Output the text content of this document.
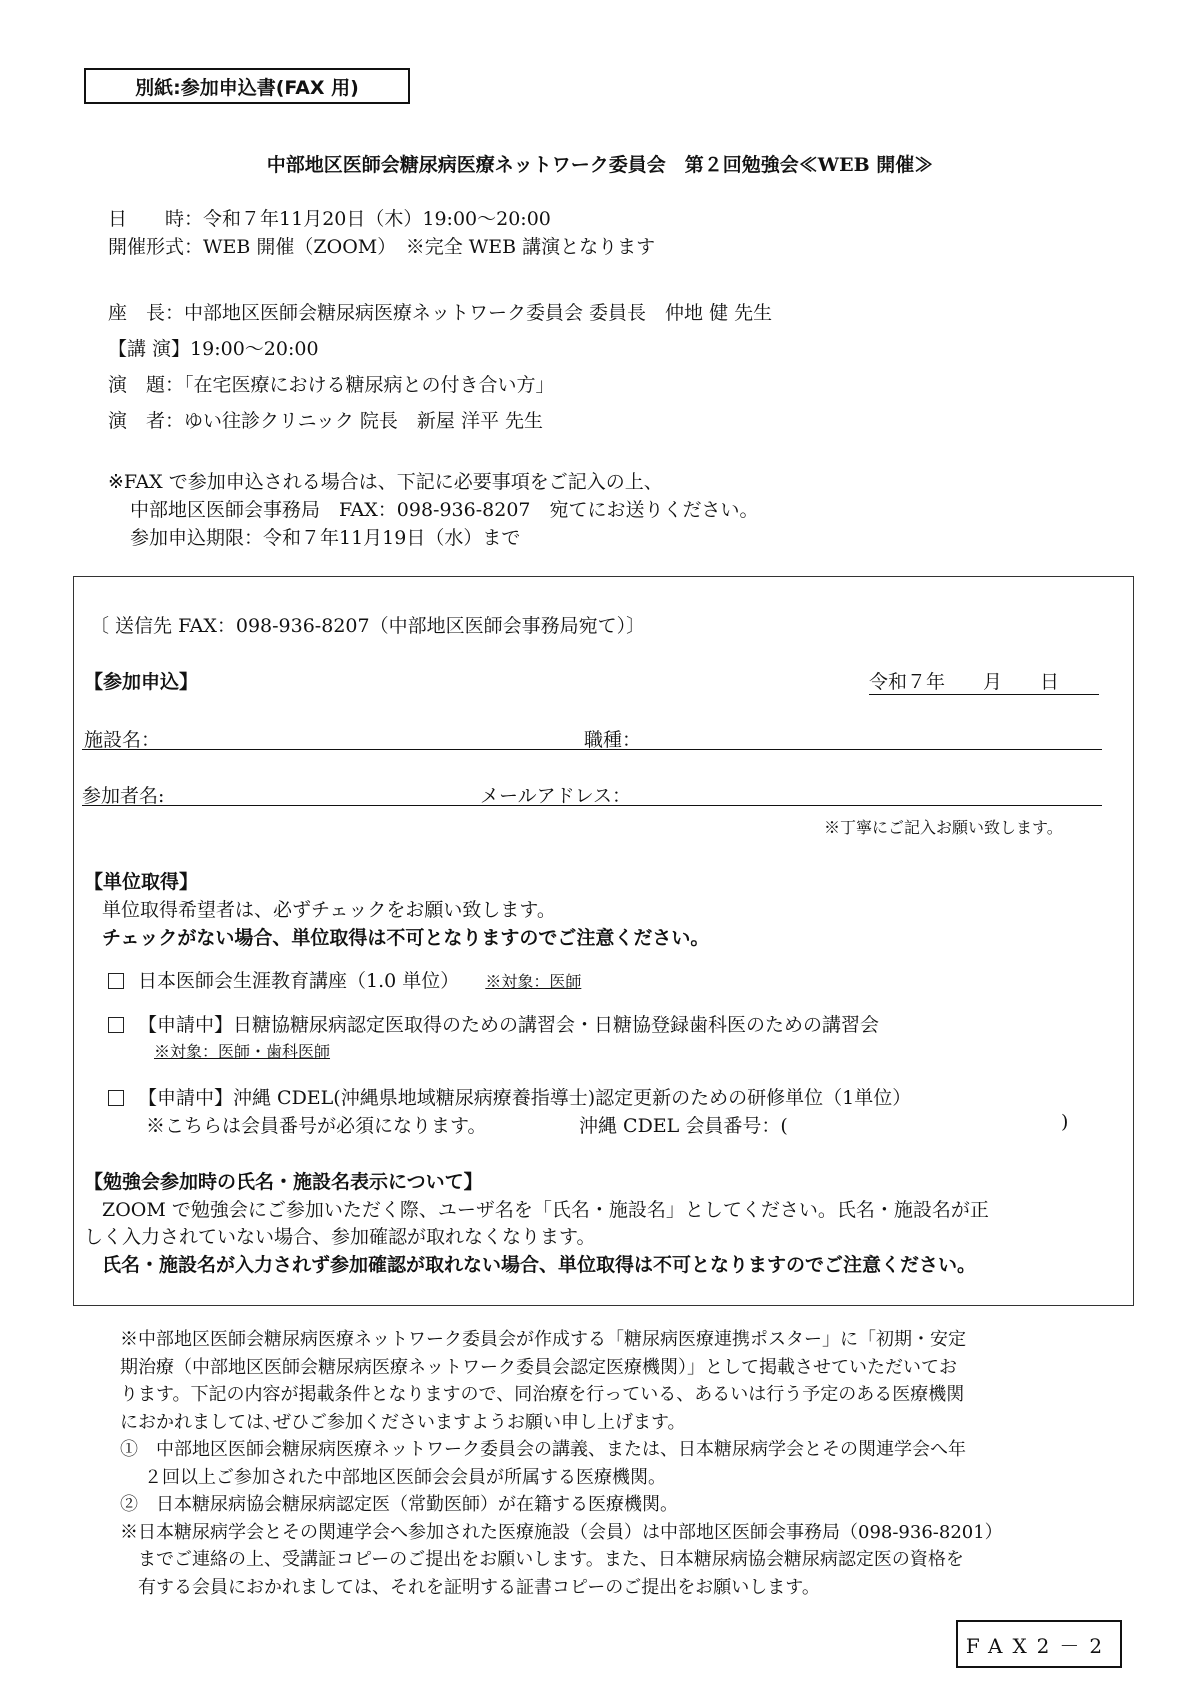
別紙:参加申込書(FAX 用)
中部地区医師会糖尿病医療ネットワーク委員会　第２回勉強会≪WEB 開催≫
日　　時：令和７年11月20日（木）19:00～20:00
開催形式：WEB 開催（ZOOM）　※完全 WEB 講演となります
座　長：中部地区医師会糖尿病医療ネットワーク委員会 委員長　仲地 健 先生
【講 演】19:00～20:00
演　題：「在宅医療における糖尿病との付き合い方」
演　者：ゆい往診クリニック 院長　新屋 洋平 先生
※FAX で参加申込される場合は、下記に必要事項をご記入の上、
中部地区医師会事務局　FAX：098-936-8207　宛てにお送りください。
参加申込期限：令和７年11月19日（水）まで
〔 送信先 FAX：098-936-8207（中部地区医師会事務局宛て）〕
【参加申込】	令和７年　　月　　日
施設名：	職種：
参加者名:	メールアドレス：
※丁寧にご記入お願い致します。
【単位取得】
単位取得希望者は、必ずチェックをお願い致します。
チェックがない場合、単位取得は不可となりますのでご注意ください。
日本医師会生涯教育講座（1.0 単位） ※対象：医師
【申請中】日糖協糖尿病認定医取得のための講習会・日糖協登録歯科医のための講習会
※対象：医師・歯科医師
【申請中】沖縄 CDEL(沖縄県地域糖尿病療養指導士)認定更新のための研修単位（1単位）
※こちらは会員番号が必須になります。	沖縄 CDEL 会員番号：(	)
【勉強会参加時の氏名・施設名表示について】
ZOOM で勉強会にご参加いただく際、ユーザ名を「氏名・施設名」としてください。氏名・施設名が正
しく入力されていない場合、参加確認が取れなくなります。
氏名・施設名が入力されず参加確認が取れない場合、単位取得は不可となりますのでご注意ください。
※中部地区医師会糖尿病医療ネットワーク委員会が作成する「糖尿病医療連携ポスター」に「初期・安定
期治療（中部地区医師会糖尿病医療ネットワーク委員会認定医療機関）」として掲載させていただいてお
ります。下記の内容が掲載条件となりますので、同治療を行っている、あるいは行う予定のある医療機関
におかれましては､ぜひご参加くださいますようお願い申し上げます。
①　中部地区医師会糖尿病医療ネットワーク委員会の講義、または、日本糖尿病学会とその関連学会へ年
２回以上ご参加された中部地区医師会会員が所属する医療機関。
②　日本糖尿病協会糖尿病認定医（常勤医師）が在籍する医療機関。
※日本糖尿病学会とその関連学会へ参加された医療施設（会員）は中部地区医師会事務局（098-936-8201）
までご連絡の上、受講証コピーのご提出をお願いします。また、日本糖尿病協会糖尿病認定医の資格を
有する会員におかれましては、それを証明する証書コピーのご提出をお願いします。
FAX2－2
